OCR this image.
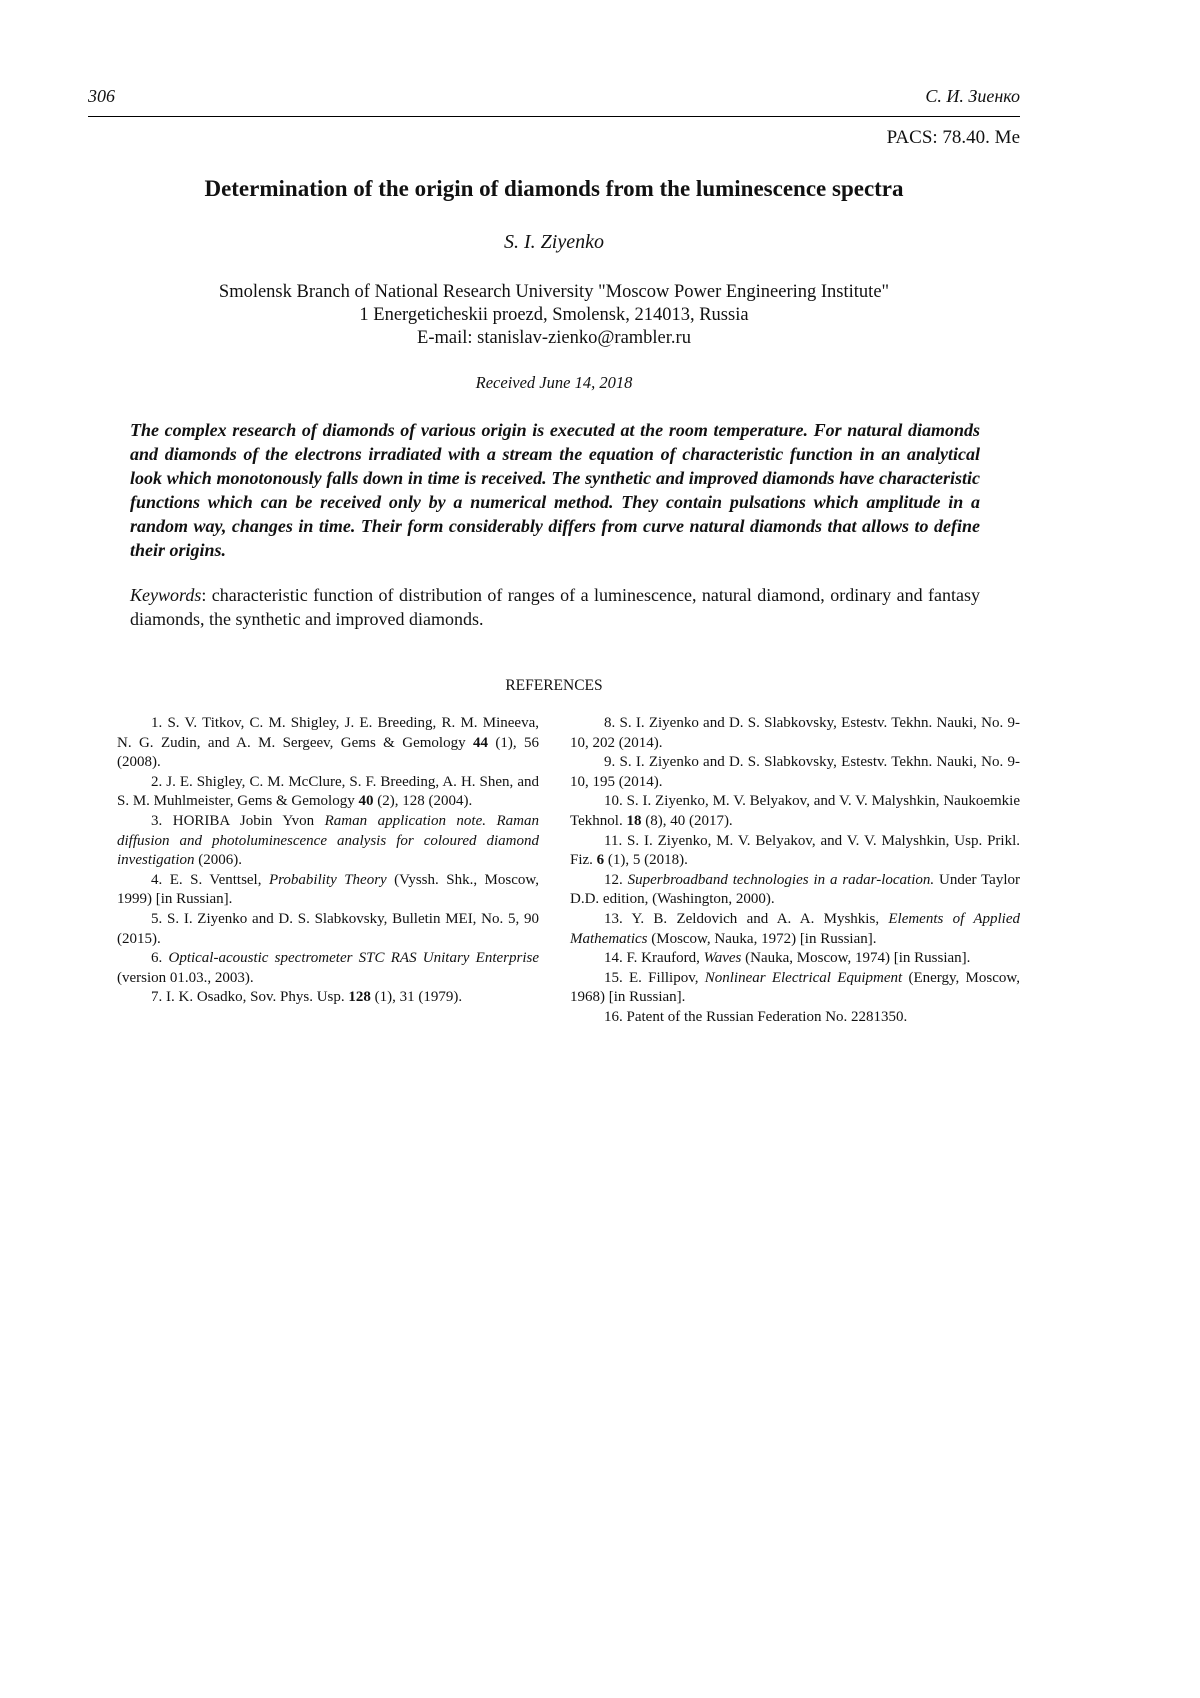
306	С. И. Зиенко
PACS: 78.40. Me
Determination of the origin of diamonds from the luminescence spectra
S. I. Ziyenko
Smolensk Branch of National Research University "Moscow Power Engineering Institute"
1 Energeticheskii proezd, Smolensk, 214013, Russia
E-mail: stanislav-zienko@rambler.ru
Received June 14, 2018
The complex research of diamonds of various origin is executed at the room temperature. For natural diamonds and diamonds of the electrons irradiated with a stream the equation of characteristic function in an analytical look which monotonously falls down in time is received. The synthetic and improved diamonds have characteristic functions which can be received only by a numerical method. They contain pulsations which amplitude in a random way, changes in time. Their form considerably differs from curve natural diamonds that allows to define their origins.
Keywords: characteristic function of distribution of ranges of a luminescence, natural diamond, ordinary and fantasy diamonds, the synthetic and improved diamonds.
REFERENCES
1. S. V. Titkov, C. M. Shigley, J. E. Breeding, R. M. Mineeva, N. G. Zudin, and A. M. Sergeev, Gems & Gemology 44 (1), 56 (2008).
2. J. E. Shigley, C. M. McClure, S. F. Breeding, A. H. Shen, and S. M. Muhlmeister, Gems & Gemology 40 (2), 128 (2004).
3. HORIBA Jobin Yvon Raman application note. Raman diffusion and photoluminescence analysis for coloured diamond investigation (2006).
4. E. S. Venttsel, Probability Theory (Vyssh. Shk., Moscow, 1999) [in Russian].
5. S. I. Ziyenko and D. S. Slabkovsky, Bulletin MEI, No. 5, 90 (2015).
6. Optical-acoustic spectrometer STC RAS Unitary Enterprise (version 01.03., 2003).
7. I. K. Osadko, Sov. Phys. Usp. 128 (1), 31 (1979).
8. S. I. Ziyenko and D. S. Slabkovsky, Estestv. Tekhn. Nauki, No. 9-10, 202 (2014).
9. S. I. Ziyenko and D. S. Slabkovsky, Estestv. Tekhn. Nauki, No. 9-10, 195 (2014).
10. S. I. Ziyenko, M. V. Belyakov, and V. V. Malyshkin, Naukoemkie Tekhnol. 18 (8), 40 (2017).
11. S. I. Ziyenko, M. V. Belyakov, and V. V. Malyshkin, Usp. Prikl. Fiz. 6 (1), 5 (2018).
12. Superbroadband technologies in a radar-location. Under Taylor D.D. edition, (Washington, 2000).
13. Y. B. Zeldovich and A. A. Myshkis, Elements of Applied Mathematics (Moscow, Nauka, 1972) [in Russian].
14. F. Krauford, Waves (Nauka, Moscow, 1974) [in Russian].
15. E. Fillipov, Nonlinear Electrical Equipment (Energy, Moscow, 1968) [in Russian].
16. Patent of the Russian Federation No. 2281350.
